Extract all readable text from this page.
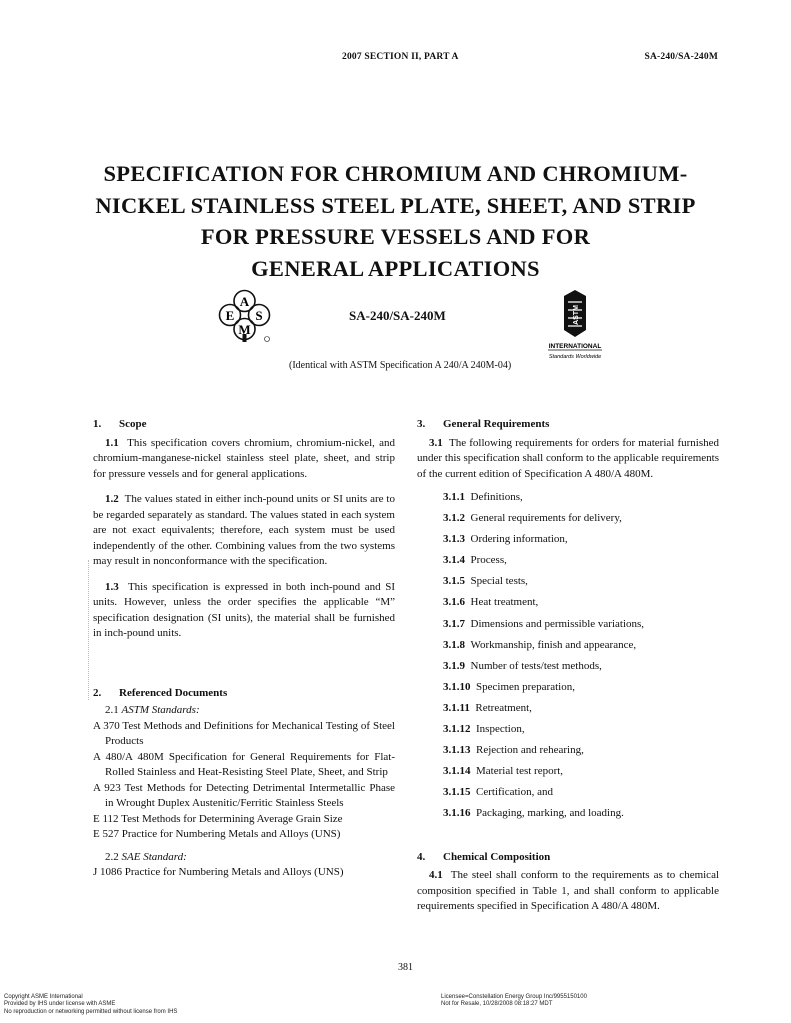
2007 SECTION II, PART A	SA-240/SA-240M
SPECIFICATION FOR CHROMIUM AND CHROMIUM-
NICKEL STAINLESS STEEL PLATE, SHEET, AND STRIP
FOR PRESSURE VESSELS AND FOR
GENERAL APPLICATIONS
A
E S
M
SA-240/SA-240M	ASTM
INTERNATIONAL
Standards Worldwide
(Identical with ASTM Specification A 240/A 240M-04)

1. Scope

1.1 This specification covers chromium, chromium-nickel, and chromium-manganese-nickel stainless steel plate, sheet, and strip for pressure vessels and for general applications.

1.2 The values stated in either inch-pound units or SI units are to be regarded separately as standard. The values stated in each system are not exact equivalents; therefore, each system must be used independently of the other. Combining values from the two systems may result in nonconformance with the specification.

1.3 This specification is expressed in both inch-pound and SI units. However, unless the order specifies the applicable “M” specification designation (SI units), the material shall be furnished in inch-pound units.

2. Referenced Documents

2.1 ASTM Standards:

A 370 Test Methods and Definitions for Mechanical Testing of Steel Products

A 480/A 480M Specification for General Requirements for Flat-Rolled Stainless and Heat-Resisting Steel Plate, Sheet, and Strip

A 923 Test Methods for Detecting Detrimental Intermetallic Phase in Wrought Duplex Austenitic/Ferritic Stainless Steels

E 112 Test Methods for Determining Average Grain Size

E 527 Practice for Numbering Metals and Alloys (UNS)

2.2 SAE Standard:

J 1086 Practice for Numbering Metals and Alloys (UNS)

3. General Requirements

3.1 The following requirements for orders for material furnished under this specification shall conform to the applicable requirements of the current edition of Specification A 480/A 480M.

3.1.1 Definitions,

3.1.2 General requirements for delivery,

3.1.3 Ordering information,

3.1.4 Process,

3.1.5 Special tests,

3.1.6 Heat treatment,

3.1.7 Dimensions and permissible variations,

3.1.8 Workmanship, finish and appearance,

3.1.9 Number of tests/test methods,

3.1.10 Specimen preparation,

3.1.11 Retreatment,

3.1.12 Inspection,

3.1.13 Rejection and rehearing,

3.1.14 Material test report,

3.1.15 Certification, and

3.1.16 Packaging, marking, and loading.

4. Chemical Composition

4.1 The steel shall conform to the requirements as to chemical composition specified in Table 1, and shall conform to applicable requirements specified in Specification A 480/A 480M.

381
Copyright ASME International
Provided by IHS under license with ASME
No reproduction or networking permitted without license from IHS
Licensee=Constellation Energy Group Inc/9955150100
Not for Resale, 10/28/2008 08:18:27 MDT
